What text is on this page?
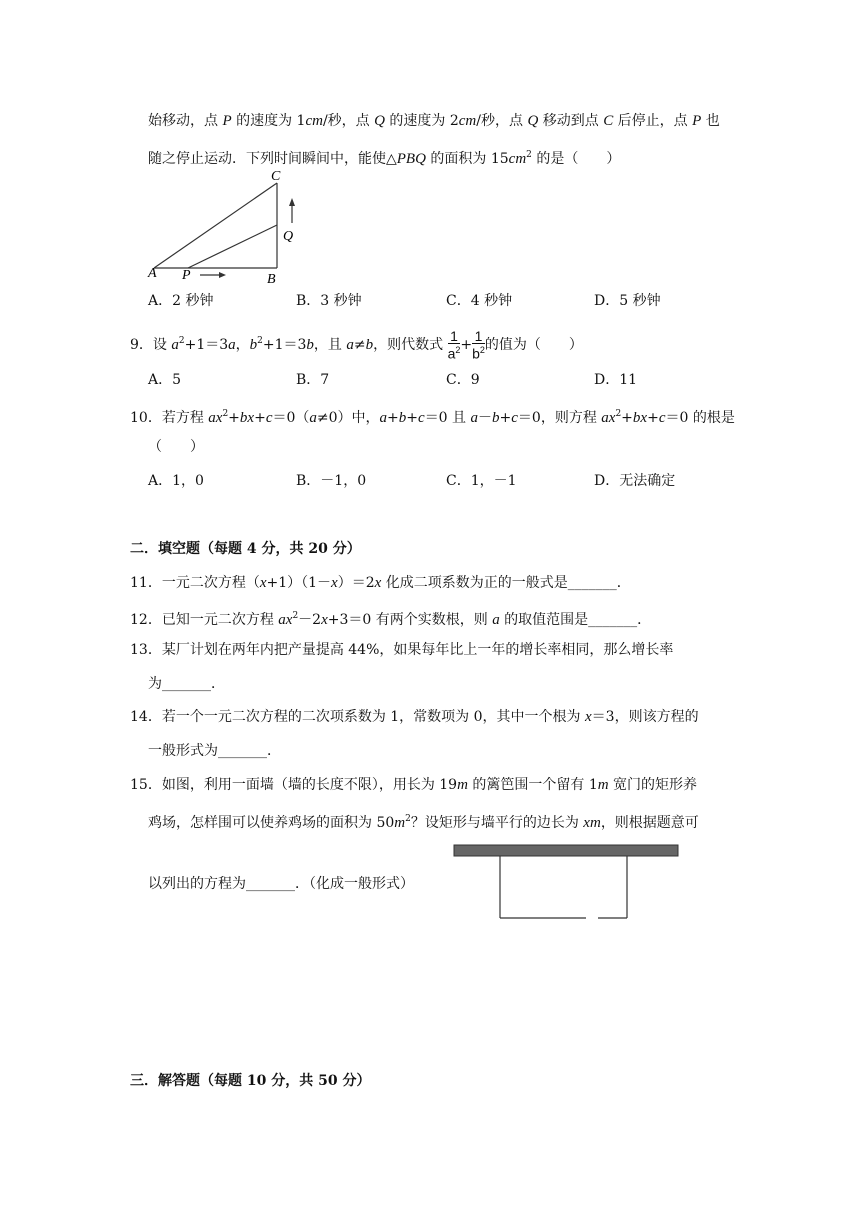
始移动，点 P 的速度为 1cm/秒，点 Q 的速度为 2cm/秒，点 Q 移动到点 C 后停止，点 P 也
随之停止运动．下列时间瞬间中，能使△PBQ 的面积为 $15cm^2$ 的是（　　）
C
Q
A P	B
A．2 秒钟	B．3 秒钟	C．4 秒钟	D．5 秒钟
9．设 $a^2+1=3a$，$b^2+1=3b$，且 a≠b，则代数式 $\frac{1}{a^2} + \frac{1}{b^2}$ 的值为（　　）
A．5	B．7	C．9	D．11
10．若方程 $ax^2+bx+c=0(a\ne 0)$中，a+b+c＝0 且 a－b+c＝0，则方程 $ax^2+bx+c=0$ 的根是
（　　）
A．1，0	B．－1，0	C．1，－1	D．无法确定
二．填空题（每题 4 分，共 20 分）
11．一元二次方程（x+1）（1－x）＝2x 化成二项系数为正的一般式是_______．
12．已知一元二次方程 $ax^2-2x+3=0$ 有两个实数根，则 a 的取值范围是_______．
13．某厂计划在两年内把产量提高 44%，如果每年比上一年的增长率相同，那么增长率
为_______．
14．若一个一元二次方程的二次项系数为 1，常数项为 0，其中一个根为 x＝3，则该方程的
一般形式为_______．
15．如图，利用一面墙（墙的长度不限），用长为 19m 的篱笆围一个留有 1m 宽门的矩形养
鸡场，怎样围可以使养鸡场的面积为 $50m^2$？设矩形与墙平行的边长为 xm，则根据题意可
以列出的方程为_______．（化成一般形式）
三．解答题（每题 10 分，共 50 分）
